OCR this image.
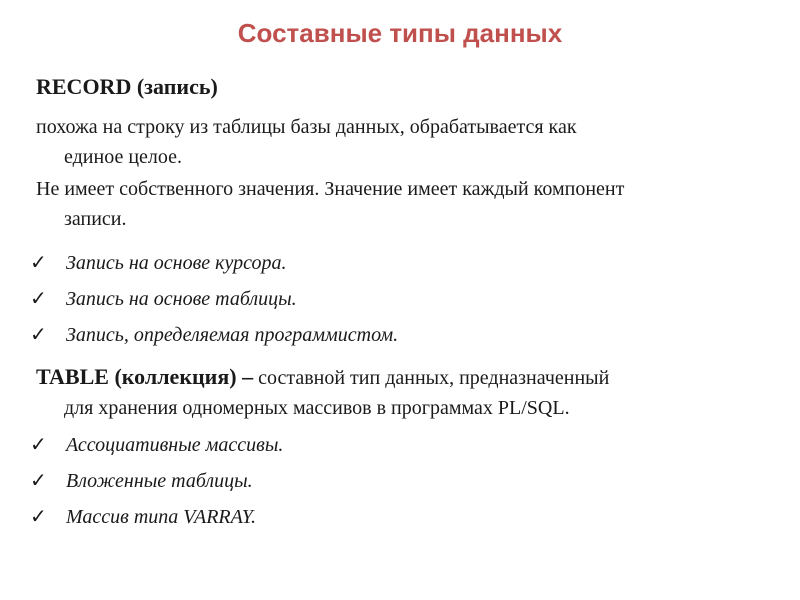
Составные типы данных
RECORD (запись)
похожа на строку из таблицы базы данных, обрабатывается как
единое целое.
Не имеет собственного значения. Значение имеет каждый компонент
записи.
✓ Запись на основе курсора.
✓ Запись на основе таблицы.
✓ Запись, определяемая программистом.
TABLE (коллекция) – составной тип данных, предназначенный
для хранения одномерных массивов в программах PL/SQL.
✓ Ассоциативные массивы.
✓ Вложенные таблицы.
✓ Массив типа VARRAY.
